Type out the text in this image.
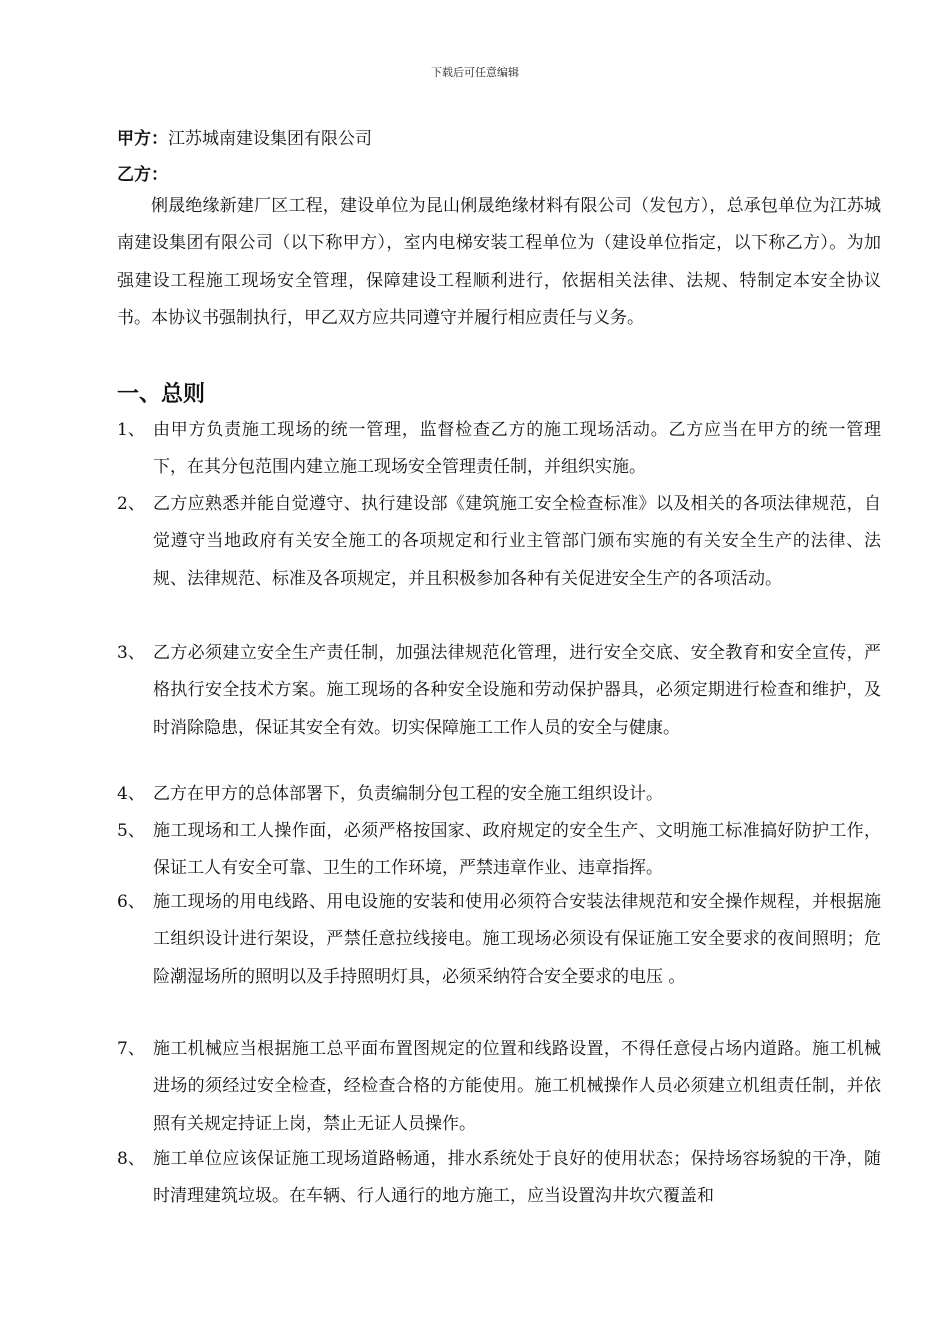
下载后可任意编辑
甲方：江苏城南建设集团有限公司
乙方：
俐晟绝缘新建厂区工程，建设单位为昆山俐晟绝缘材料有限公司（发包方），总承包单位为江苏城南建设集团有限公司（以下称甲方），室内电梯安装工程单位为（建设单位指定，以下称乙方）。为加强建设工程施工现场安全管理，保障建设工程顺利进行，依据相关法律、法规、特制定本安全协议书。本协议书强制执行，甲乙双方应共同遵守并履行相应责任与义务。
一、总则
1、 由甲方负责施工现场的统一管理，监督检查乙方的施工现场活动。乙方应当在甲方的统一管理下，在其分包范围内建立施工现场安全管理责任制，并组织实施。
2、 乙方应熟悉并能自觉遵守、执行建设部《建筑施工安全检查标准》以及相关的各项法律规范，自觉遵守当地政府有关安全施工的各项规定和行业主管部门颁布实施的有关安全生产的法律、法规、法律规范、标准及各项规定，并且积极参加各种有关促进安全生产的各项活动。
3、 乙方必须建立安全生产责任制，加强法律规范化管理，进行安全交底、安全教育和安全宣传，严格执行安全技术方案。施工现场的各种安全设施和劳动保护器具，必须定期进行检查和维护，及时消除隐患，保证其安全有效。切实保障施工工作人员的安全与健康。
4、 乙方在甲方的总体部署下，负责编制分包工程的安全施工组织设计。
5、 施工现场和工人操作面，必须严格按国家、政府规定的安全生产、文明施工标准搞好防护工作，保证工人有安全可靠、卫生的工作环境，严禁违章作业、违章指挥。
6、 施工现场的用电线路、用电设施的安装和使用必须符合安装法律规范和安全操作规程，并根据施工组织设计进行架设，严禁任意拉线接电。施工现场必须设有保证施工安全要求的夜间照明；危险潮湿场所的照明以及手持照明灯具，必须采纳符合安全要求的电压 。
7、 施工机械应当根据施工总平面布置图规定的位置和线路设置，不得任意侵占场内道路。施工机械进场的须经过安全检查，经检查合格的方能使用。施工机械操作人员必须建立机组责任制，并依照有关规定持证上岗，禁止无证人员操作。
8、 施工单位应该保证施工现场道路畅通，排水系统处于良好的使用状态；保持场容场貌的干净，随时清理建筑垃圾。在车辆、行人通行的地方施工，应当设置沟井坎穴覆盖和
